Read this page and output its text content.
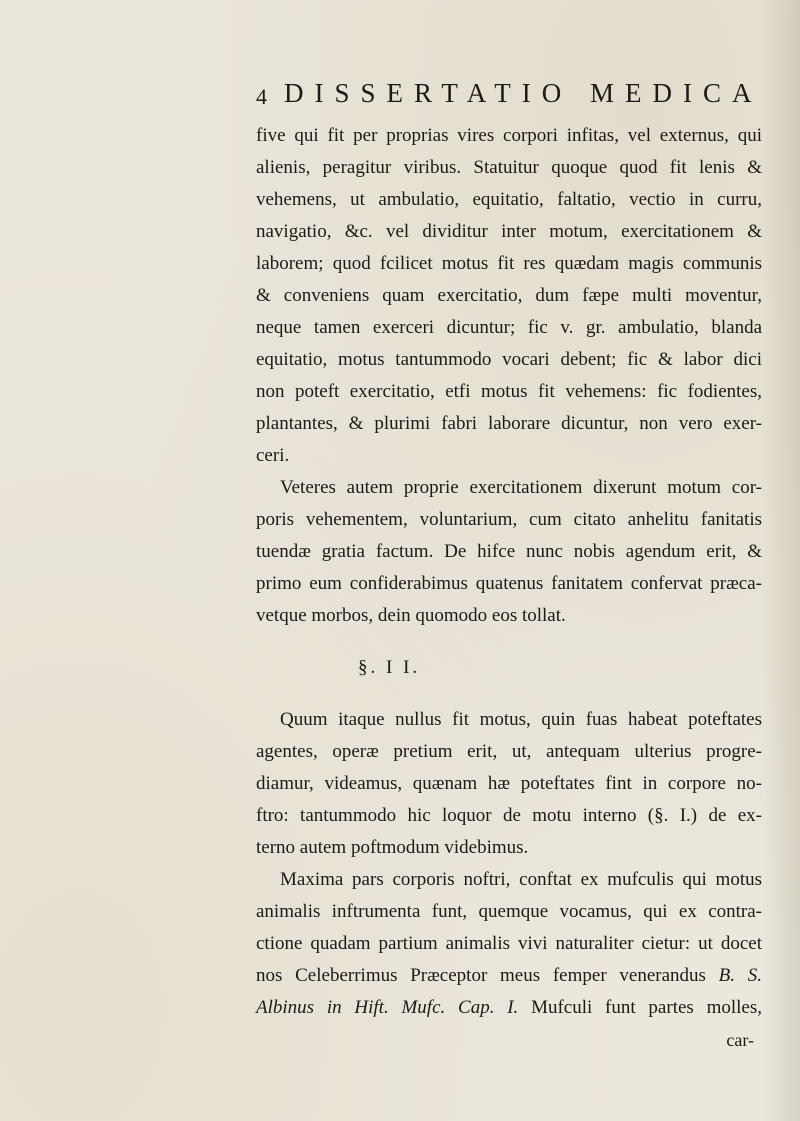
4 DISSERTATIO MEDICA
five qui fit per proprias vires corpori infitas, vel externus, qui
alienis, peragitur viribus. Statuitur quoque quod fit lenis &
vehemens, ut ambulatio, equitatio, faltatio, vectio in curru,
navigatio, &c. vel dividitur inter motum, exercitationem &
laborem; quod fcilicet motus fit res quædam magis communis
& conveniens quam exercitatio, dum fæpe multi moventur,
neque tamen exerceri dicuntur; fic v. gr. ambulatio, blanda
equitatio, motus tantummodo vocari debent; fic & labor dici
non poteft exercitatio, etfi motus fit vehemens: fic fodientes,
plantantes, & plurimi fabri laborare dicuntur, non vero exer-
ceri.
Veteres autem proprie exercitationem dixerunt motum cor-
poris vehementem, voluntarium, cum citato anhelitu fanitatis
tuendæ gratia factum. De hifce nunc nobis agendum erit, &
primo eum confiderabimus quatenus fanitatem confervat præca-
vetque morbos, dein quomodo eos tollat.
§. I I.
Quum itaque nullus fit motus, quin fuas habeat poteftates
agentes, operæ pretium erit, ut, antequam ulterius progre-
diamur, videamus, quænam hæ poteftates fint in corpore no-
ftro: tantummodo hic loquor de motu interno (§. I.) de ex-
terno autem poftmodum videbimus.
Maxima pars corporis noftri, conftat ex mufculis qui motus
animalis inftrumenta funt, quemque vocamus, qui ex contra-
ctione quadam partium animalis vivi naturaliter cietur: ut docet
nos Celeberrimus Præceptor meus femper venerandus B. S.
Albinus in Hift. Mufc. Cap. I. Mufculi funt partes molles,
car-
